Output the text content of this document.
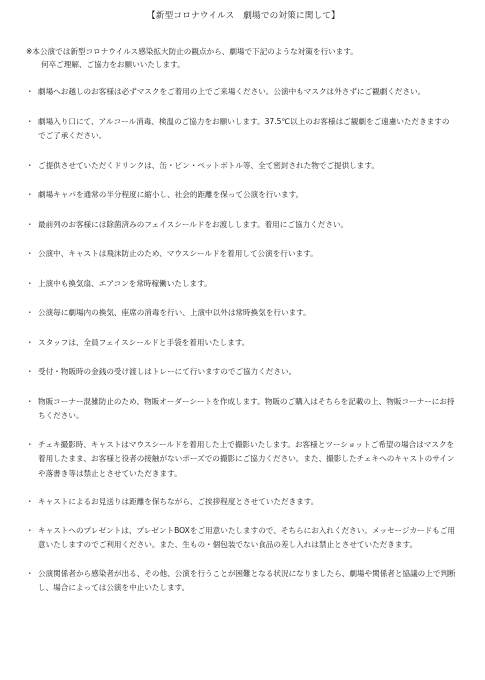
【新型コロナウイルス　劇場での対策に関して】
※本公演では新型コロナウイルス感染拡大防止の観点から、劇場で下記のような対策を行います。
何卒ご理解、ご協力をお願いいたします。
・ 劇場へお越しのお客様は必ずマスクをご着用の上でご来場ください。公演中もマスクは外さずにご観劇ください。
・ 劇場入り口にて、アルコール消毒、検温のご協力をお願いします。37.5℃以上のお客様はご観劇をご遠慮いただきますのでご了承ください。
・ ご提供させていただくドリンクは、缶・ビン・ペットボトル等、全て密封された物でご提供します。
・ 劇場キャパを通常の半分程度に縮小し、社会的距離を保って公演を行います。
・ 最前列のお客様には除菌済みのフェイスシールドをお渡しします。着用にご協力ください。
・ 公演中、キャストは飛沫防止のため、マウスシールドを着用して公演を行います。
・ 上演中も換気扇、エアコンを常時稼働いたします。
・ 公演毎に劇場内の換気、座席の消毒を行い、上演中以外は常時換気を行います。
・ スタッフは、全員フェイスシールドと手袋を着用いたします。
・ 受付・物販時の金銭の受け渡しはトレーにて行いますのでご協力ください。
・ 物販コーナー混雑防止のため、物販オーダーシートを作成します。物販のご購入はそちらを記載の上、物販コーナーにお持ちください。
・ チェキ撮影時、キャストはマウスシールドを着用した上で撮影いたします。お客様とツーショットご希望の場合はマスクを着用したまま、お客様と役者の接触がないポーズでの撮影にご協力ください。また、撮影したチェキへのキャストのサインや落書き等は禁止とさせていただきます。
・ キャストによるお見送りは距離を保ちながら、ご挨拶程度とさせていただきます。
・ キャストへのプレゼントは、プレゼントBOXをご用意いたしますので、そちらにお入れください。メッセージカードもご用意いたしますのでご利用ください。また、生もの・個包装でない食品の差し入れは禁止とさせていただきます。
・ 公演関係者から感染者が出る、その他、公演を行うことが困難となる状況になりましたら、劇場や関係者と協議の上で判断し、場合によっては公演を中止いたします。
